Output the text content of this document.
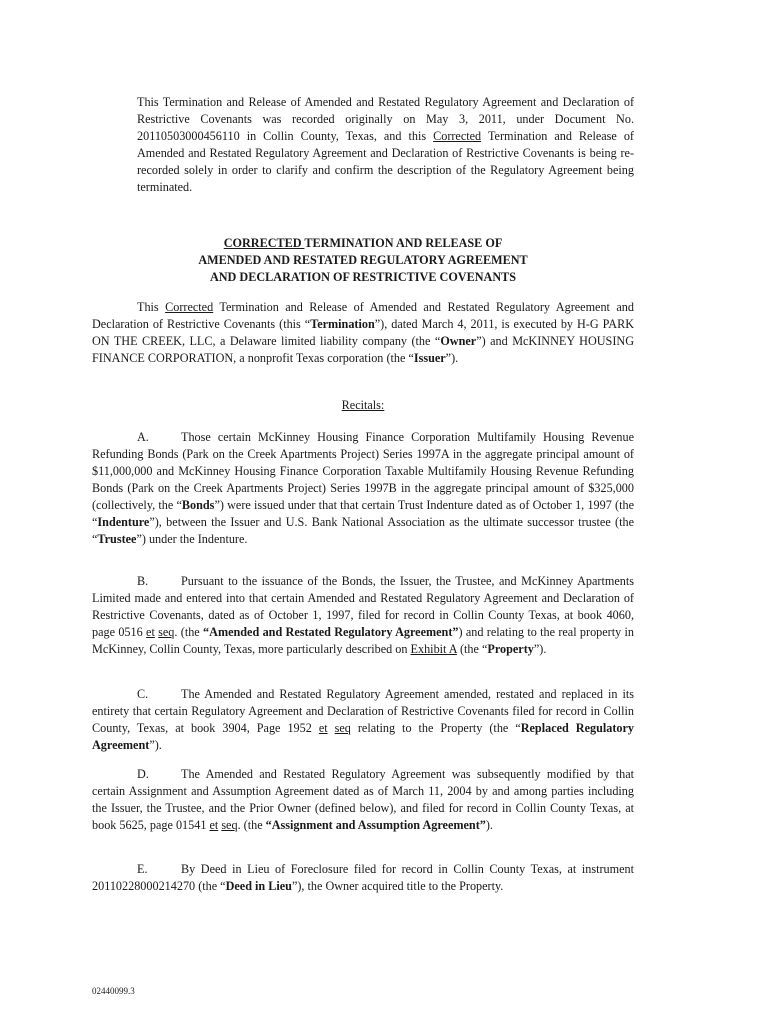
This Termination and Release of Amended and Restated Regulatory Agreement and Declaration of Restrictive Covenants was recorded originally on May 3, 2011, under Document No. 20110503000456110 in Collin County, Texas, and this Corrected Termination and Release of Amended and Restated Regulatory Agreement and Declaration of Restrictive Covenants is being re-recorded solely in order to clarify and confirm the description of the Regulatory Agreement being terminated.
CORRECTED TERMINATION AND RELEASE OF
AMENDED AND RESTATED REGULATORY AGREEMENT
AND DECLARATION OF RESTRICTIVE COVENANTS
This Corrected Termination and Release of Amended and Restated Regulatory Agreement and Declaration of Restrictive Covenants (this “Termination”), dated March 4, 2011, is executed by H-G PARK ON THE CREEK, LLC, a Delaware limited liability company (the “Owner”) and McKINNEY HOUSING FINANCE CORPORATION, a nonprofit Texas corporation (the “Issuer”).
Recitals:
A.	Those certain McKinney Housing Finance Corporation Multifamily Housing Revenue Refunding Bonds (Park on the Creek Apartments Project) Series 1997A in the aggregate principal amount of $11,000,000 and McKinney Housing Finance Corporation Taxable Multifamily Housing Revenue Refunding Bonds (Park on the Creek Apartments Project) Series 1997B in the aggregate principal amount of $325,000 (collectively, the “Bonds”) were issued under that that certain Trust Indenture dated as of October 1, 1997 (the “Indenture”), between the Issuer and U.S. Bank National Association as the ultimate successor trustee (the “Trustee”) under the Indenture.
B.	Pursuant to the issuance of the Bonds, the Issuer, the Trustee, and McKinney Apartments Limited made and entered into that certain Amended and Restated Regulatory Agreement and Declaration of Restrictive Covenants, dated as of October 1, 1997, filed for record in Collin County Texas, at book 4060, page 0516 et seq. (the “Amended and Restated Regulatory Agreement”) and relating to the real property in McKinney, Collin County, Texas, more particularly described on Exhibit A (the “Property”).
C.	The Amended and Restated Regulatory Agreement amended, restated and replaced in its entirety that certain Regulatory Agreement and Declaration of Restrictive Covenants filed for record in Collin County, Texas, at book 3904, Page 1952 et seq relating to the Property (the “Replaced Regulatory Agreement”).
D.	The Amended and Restated Regulatory Agreement was subsequently modified by that certain Assignment and Assumption Agreement dated as of March 11, 2004 by and among parties including the Issuer, the Trustee, and the Prior Owner (defined below), and filed for record in Collin County Texas, at book 5625, page 01541 et seq. (the “Assignment and Assumption Agreement”).
E.	By Deed in Lieu of Foreclosure filed for record in Collin County Texas, at instrument 20110228000214270 (the “Deed in Lieu”), the Owner acquired title to the Property.
02440099.3
